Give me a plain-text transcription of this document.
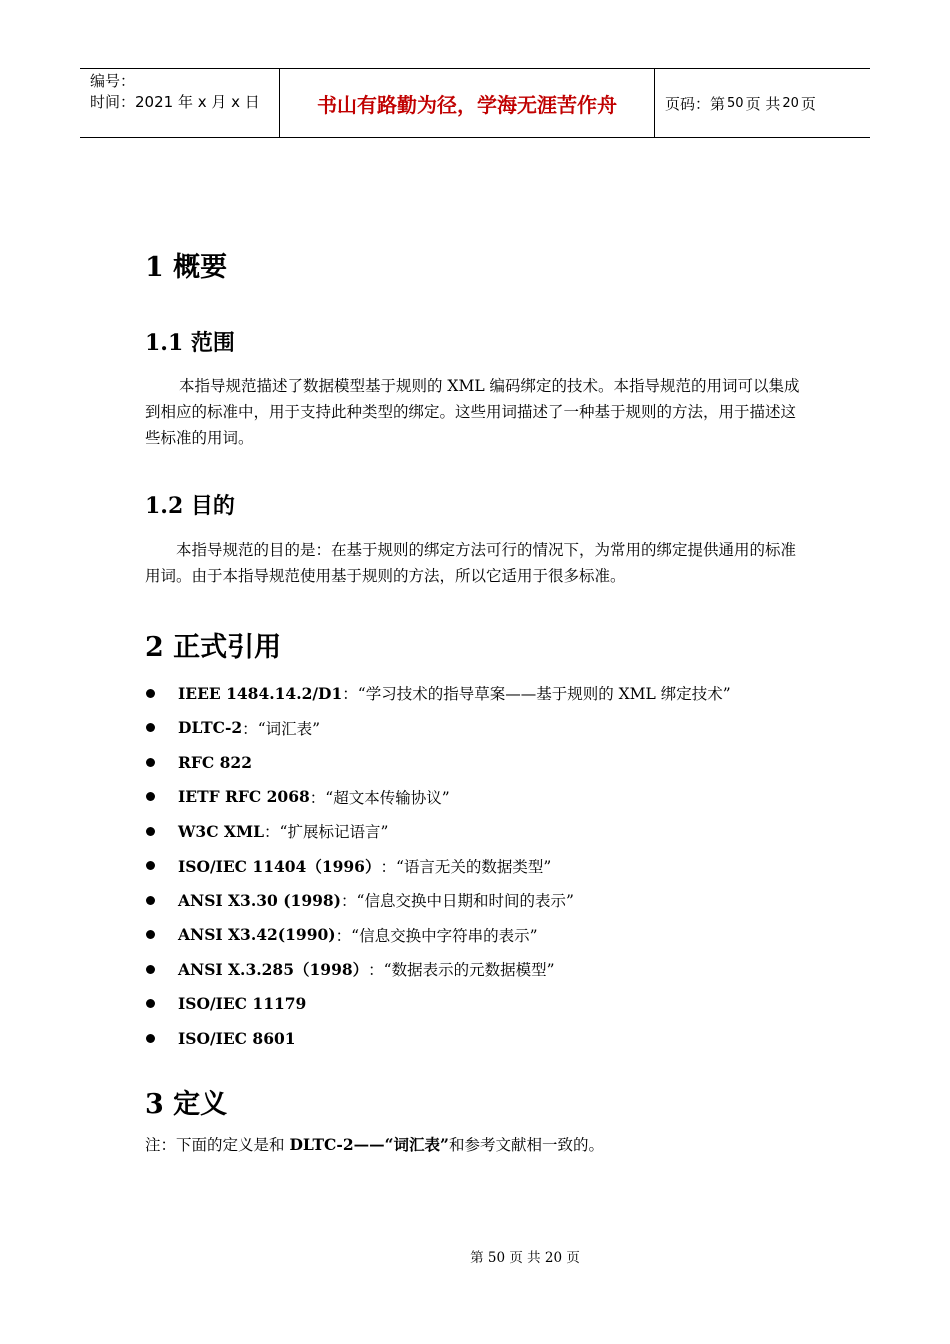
编号：
时间：2021 年 x 月 x 日	书山有路勤为径，学海无涯苦作舟	页码：第 50 页 共 20 页
1 概要
1.1 范围

本指导规范描述了数据模型基于规则的 XML 编码绑定的技术。本指导规范的用词可以集成到相应的标准中，用于支持此种类型的绑定。这些用词描述了一种基于规则的方法，用于描述这些标准的用词。

1.2 目的

本指导规范的目的是：在基于规则的绑定方法可行的情况下，为常用的绑定提供通用的标准用词。由于本指导规范使用基于规则的方法，所以它适用于很多标准。

2 正式引用
IEEE 1484.14.2/D1 ： “学习技术的指导草案——基于规则的 XML 绑定技术”
DLTC-2 ： “词汇表”
RFC 822
IETF RFC 2068 ： “超文本传输协议”
W3C XML ： “扩展标记语言”
ISO/IEC 11404（1996） ： “语言无关的数据类型”
ANSI X3.30 (1998) ： “信息交换中日期和时间的表示”
ANSI X3.42(1990) ： “信息交换中字符串的表示”
ANSI X.3.285（1998） ： “数据表示的元数据模型”
ISO/IEC 11179
ISO/IEC 8601
3 定义

注：下面的定义是和 DLTC-2——“词汇表”和参考文献相一致的。

第 50 页 共 20 页
